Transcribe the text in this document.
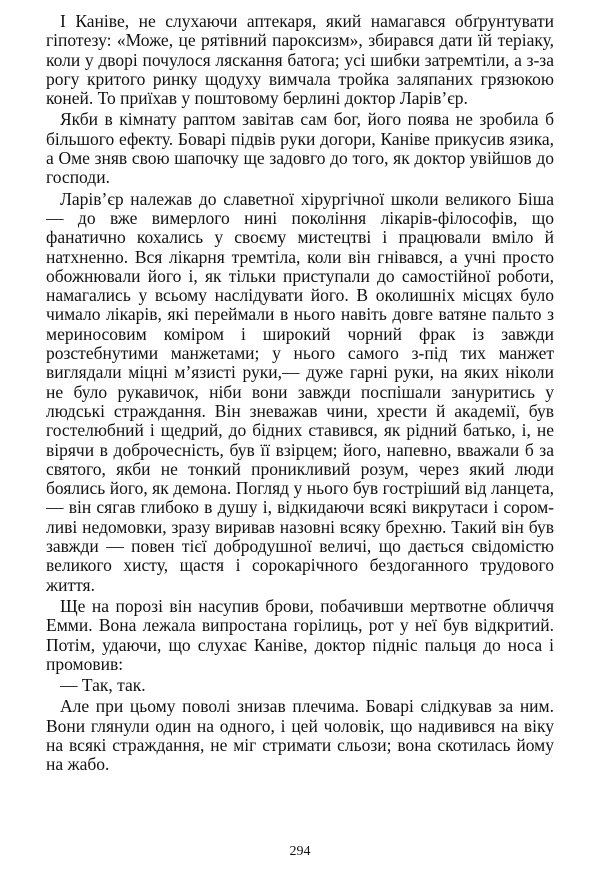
І Каніве, не слухаючи аптекаря, який намагався обґрунтувати гіпотезу: «Може, це рятівний пароксизм», збирався дати їй теріаку, коли у дворі почулося ляскання батога; усі шибки затремтіли, а з-за рогу критого ринку щодуху вимчала тройка заляпаних грязюкою коней. То приїхав у поштовому берлині доктор Ларів’єр.

Якби в кімнату раптом завітав сам бог, його поява не зробила б більшого ефекту. Боварі підвів руки догори, Каніве прикусив язика, а Оме зняв свою шапочку ще задовго до того, як доктор увійшов до господи.

Ларів’єр належав до славетної хірургічної школи великого Біша — до вже вимерлого нині покоління лікарів-філософів, що фанатично кохались у своєму мистецтві і працювали вміло й натхненно. Вся лікарня тремтіла, коли він гнівався, а учні просто обожнювали його і, як тільки приступали до самостійної роботи, намагались у всьому наслідувати його. В околишніх місцях було чимало лікарів, які переймали в нього навіть довге ватяне пальто з мериносовим коміром і широкий чорний фрак із завжди розстебнутими манжетами; у нього самого з-під тих манжет виглядали міцні м’язисті руки,— дуже гарні руки, на яких ніколи не було рукавичок, ніби вони завжди поспішали зануритись у людські страждання. Він зневажав чини, хрести й академії, був гостелюбний і щедрий, до бідних ставився, як рідний батько, і, не вірячи в доброчесність, був її взірцем; його, напевно, вважали б за святого, якби не тонкий проникливий розум, через який люди боялись його, як демона. Погляд у нього був гостріший від ланцета,— він сягав глибоко в душу і, відкидаючи всякі викрутаси і соромливі недомовки, зразу виривав назовні всяку брехню. Такий він був завжди — повен тієї добродушної величі, що дається свідомістю великого хисту, щастя і сорокарічного бездоганного трудового життя.

Ще на порозі він насупив брови, побачивши мертвотне обличчя Емми. Вона лежала випростана горілиць, рот у неї був відкритий. Потім, удаючи, що слухає Каніве, доктор підніс пальця до носа і промовив:

— Так, так.

Але при цьому поволі знизав плечима. Боварі слідкував за ним. Вони глянули один на одного, і цей чоловік, що надивився на віку на всякі страждання, не міг стримати сльози; вона скотилась йому на жабо.

294
